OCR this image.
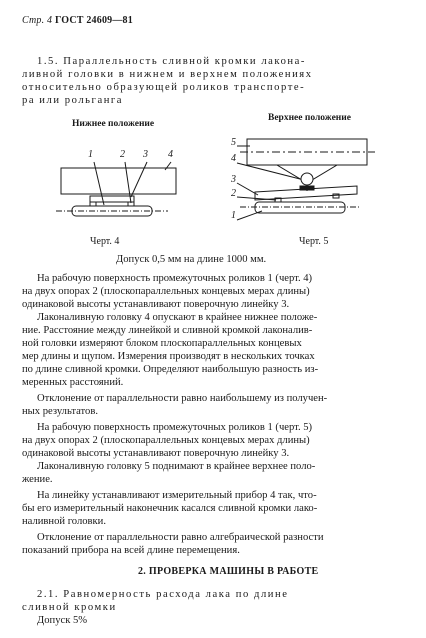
Стр. 4 ГОСТ 24609—81
1.5. Параллельность сливной кромки лакона-
ливной головки в нижнем и верхнем положениях
относительно образующей роликов транспорте-
ра или рольганга
Нижнее положение
Верхнее положение
1	2 3 4
5
4
3
2
1
Черт. 4	Черт. 5
Допуск 0,5 мм на длине 1000 мм.
На рабочую поверхность промежуточных роликов 1 (черт. 4)
на двух опорах 2 (плоскопараллельных концевых мерах длины)
одинаковой высоты устанавливают поверочную линейку 3.
Лаконаливную головку 4 опускают в крайнее нижнее положе-
ние. Расстояние между линейкой и сливной кромкой лаконалив-
ной головки измеряют блоком плоскопараллельных концевых
мер длины и щупом. Измерения производят в нескольких точках
по длине сливной кромки. Определяют наибольшую разность из-
меренных расстояний.
Отклонение от параллельности равно наибольшему из получен-
ных результатов.
На рабочую поверхность промежуточных роликов 1 (черт. 5)
на двух опорах 2 (плоскопараллельных концевых мерах длины)
одинаковой высоты устанавливают поверочную линейку 3.
Лаконаливную головку 5 поднимают в крайнее верхнее поло-
жение.
На линейку устанавливают измерительный прибор 4 так, что-
бы его измерительный наконечник касался сливной кромки лако-
наливной головки.
Отклонение от параллельности равно алгебраической разности
показаний прибора на всей длине перемещения.
2. ПРОВЕРКА МАШИНЫ В РАБОТЕ
2.1. Равномерность расхода лака по длине
сливной кромки
Допуск 5%
